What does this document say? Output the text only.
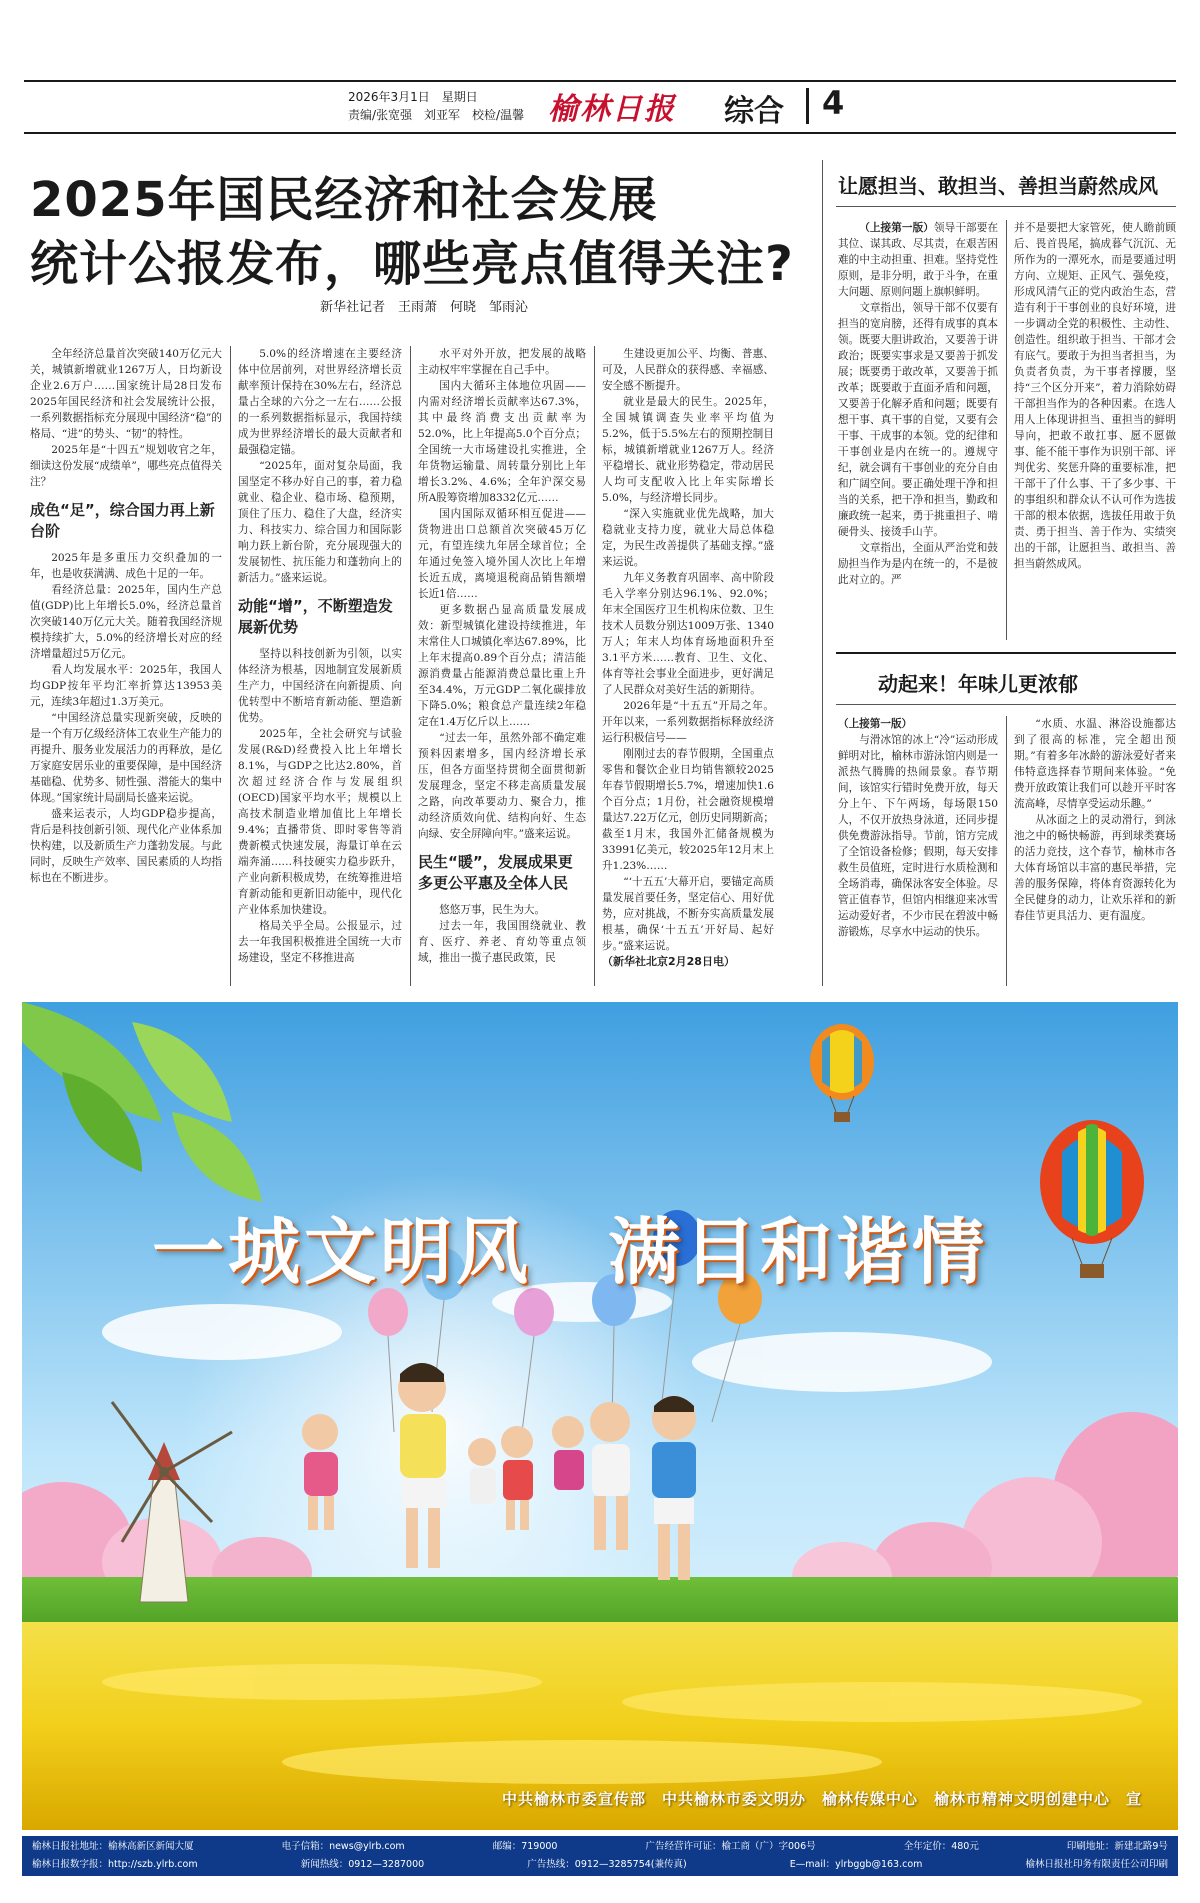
2026年3月1日　星期日
责编/张宽强　刘亚军　校检/温馨 榆林日报 综合 4
2025年国民经济和社会发展
统计公报发布，哪些亮点值得关注?
新华社记者　王雨萧　何晓　邹雨沁

全年经济总量首次突破140万亿元大关，城镇新增就业1267万人，日均新设企业2.6万户……国家统计局28日发布2025年国民经济和社会发展统计公报，一系列数据指标充分展现中国经济“稳”的格局、“进”的势头、“韧”的特性。

2025年是“十四五”规划收官之年，细读这份发展“成绩单”，哪些亮点值得关注？

成色“足”，综合国力再上新台阶

2025年是多重压力交织叠加的一年，也是收获满满、成色十足的一年。

看经济总量：2025年，国内生产总值(GDP)比上年增长5.0%，经济总量首次突破140万亿元大关。随着我国经济规模持续扩大，5.0%的经济增长对应的经济增量超过5万亿元。

看人均发展水平：2025年，我国人均GDP按年平均汇率折算达13953美元，连续3年超过1.3万美元。

“中国经济总量实现新突破，反映的是一个有万亿级经济体工农业生产能力的再提升、服务业发展活力的再释放，是亿万家庭安居乐业的重要保障，是中国经济基础稳、优势多、韧性强、潜能大的集中体现。”国家统计局副局长盛来运说。

盛来运表示，人均GDP稳步提高，背后是科技创新引领、现代化产业体系加快构建，以及新质生产力蓬勃发展。与此同时，反映生产效率、国民素质的人均指标也在不断进步。

5.0%的经济增速在主要经济体中位居前列，对世界经济增长贡献率预计保持在30%左右，经济总量占全球的六分之一左右……公报的一系列数据指标显示，我国持续成为世界经济增长的最大贡献者和最强稳定锚。

“2025年，面对复杂局面，我国坚定不移办好自己的事，着力稳就业、稳企业、稳市场、稳预期，顶住了压力、稳住了大盘，经济实力、科技实力、综合国力和国际影响力跃上新台阶，充分展现强大的发展韧性、抗压能力和蓬勃向上的新活力。”盛来运说。

动能“增”，不断塑造发展新优势

坚持以科技创新为引领，以实体经济为根基，因地制宜发展新质生产力，中国经济在向新提质、向优转型中不断培育新动能、塑造新优势。

2025年，全社会研究与试验发展(R&D)经费投入比上年增长8.1%，与GDP之比达2.80%，首次超过经济合作与发展组织(OECD)国家平均水平；规模以上高技术制造业增加值比上年增长9.4%；直播带货、即时零售等消费新模式快速发展，海量订单在云端奔涌……科技硬实力稳步跃升，产业向新积极成势，在统筹推进培育新动能和更新旧动能中，现代化产业体系加快建设。

格局关乎全局。公报显示，过去一年我国积极推进全国统一大市场建设，坚定不移推进高

水平对外开放，把发展的战略主动权牢牢掌握在自己手中。

国内大循环主体地位巩固——内需对经济增长贡献率达67.3%，其中最终消费支出贡献率为52.0%，比上年提高5.0个百分点；全国统一大市场建设扎实推进，全年货物运输量、周转量分别比上年增长3.2%、4.6%；全年沪深交易所A股筹资增加8332亿元……

国内国际双循环相互促进——货物进出口总额首次突破45万亿元，有望连续九年居全球首位；全年通过免签入境外国人次比上年增长近五成，离境退税商品销售额增长近1倍……

更多数据凸显高质量发展成效：新型城镇化建设持续推进，年末常住人口城镇化率达67.89%，比上年末提高0.89个百分点；清洁能源消费量占能源消费总量比重上升至34.4%，万元GDP二氧化碳排放下降5.0%；粮食总产量连续2年稳定在1.4万亿斤以上……

“过去一年，虽然外部不确定难预料因素增多，国内经济增长承压，但各方面坚持贯彻全面贯彻新发展理念，坚定不移走高质量发展之路，向改革要动力、聚合力，推动经济质效向优、结构向好、生态向绿、安全屏障向牢。”盛来运说。

民生“暖”，发展成果更多更公平惠及全体人民

悠悠万事，民生为大。

过去一年，我国围绕就业、教育、医疗、养老、育幼等重点领域，推出一揽子惠民政策，民

生建设更加公平、均衡、普惠、可及，人民群众的获得感、幸福感、安全感不断提升。

就业是最大的民生。2025年，全国城镇调查失业率平均值为5.2%，低于5.5%左右的预期控制目标，城镇新增就业1267万人。经济平稳增长、就业形势稳定，带动居民人均可支配收入比上年实际增长5.0%，与经济增长同步。

“深入实施就业优先战略，加大稳就业支持力度，就业大局总体稳定，为民生改善提供了基础支撑。”盛来运说。

九年义务教育巩固率、高中阶段毛入学率分别达96.1%、92.0%；年末全国医疗卫生机构床位数、卫生技术人员数分别达1009万张、1340万人；年末人均体育场地面积升至3.1平方米……教育、卫生、文化、体育等社会事业全面进步，更好满足了人民群众对美好生活的新期待。

2026年是“十五五”开局之年。开年以来，一系列数据指标释放经济运行积极信号——

刚刚过去的春节假期，全国重点零售和餐饮企业日均销售额较2025年春节假期增长5.7%，增速加快1.6个百分点；1月份，社会融资规模增量达7.22万亿元，创历史同期新高；截至1月末，我国外汇储备规模为33991亿美元，较2025年12月末上升1.23%……

“‘十五五’大幕开启，要锚定高质量发展首要任务，坚定信心、用好优势，应对挑战，不断夯实高质量发展根基，确保‘十五五’开好局、起好步。”盛来运说。

（新华社北京2月28日电）

让愿担当、敢担当、善担当蔚然成风

（上接第一版）领导干部要在其位、谋其政、尽其责，在艰苦困难的中主动担重、担难。坚持党性原则，是非分明，敢于斗争，在重大问题、原则问题上旗帜鲜明。

文章指出，领导干部不仅要有担当的宽肩膀，还得有成事的真本领。既要大胆讲政治，又要善于讲政治；既要实事求是又要善于抓发展；既要勇于敢改革，又要善于抓改革；既要敢于直面矛盾和问题，又要善于化解矛盾和问题；既要有想干事、真干事的自觉，又要有会干事、干成事的本领。党的纪律和干事创业是内在统一的。遵规守纪，就会调有干事创业的充分自由和广阔空间。要正确处理干净和担当的关系，把干净和担当，勤政和廉政统一起来，勇于挑重担子、啃硬骨头、接烫手山芋。

文章指出，全面从严治党和鼓励担当作为是内在统一的，不是彼此对立的。严

并不是要把大家管死，使人瞻前顾后、畏首畏尾，搞成暮气沉沉、无所作为的一潭死水，而是要通过明方向、立规矩、正风气、强免疫，形成风清气正的党内政治生态，营造有利于干事创业的良好环境，进一步调动全党的积极性、主动性、创造性。组织敢于担当、干部才会有底气。要敢于为担当者担当，为负责者负责，为干事者撑腰，坚持“三个区分开来”，着力消除妨碍干部担当作为的各种因素。在选人用人上体现讲担当、重担当的鲜明导向，把敢不敢扛事、愿不愿做事、能不能干事作为识别干部、评判优劣、奖惩升降的重要标准，把干部干了什么事、干了多少事、干的事组织和群众认不认可作为选拔干部的根本依据，选拔任用敢于负责、勇于担当、善于作为、实绩突出的干部，让愿担当、敢担当、善担当蔚然成风。

动起来！年味儿更浓郁

（上接第一版）

与滑冰馆的冰上“冷”运动形成鲜明对比，榆林市游泳馆内则是一派热气腾腾的热闹景象。春节期间，该馆实行错时免费开放，每天分上午、下午两场，每场限150人，不仅开放热身泳道，还同步提供免费游泳指导。节前，馆方完成了全馆设备检修；假期，每天安排救生员值班，定时进行水质检测和全场消毒，确保泳客安全体验。尽管正值春节，但馆内相继迎来冰雪运动爱好者，不少市民在碧波中畅游锻炼，尽享水中运动的快乐。

“水质、水温、淋浴设施都达到了很高的标准，完全超出预期。”有着多年冰龄的游泳爱好者来伟特意选择春节期间来体验。“免费开放政策让我们可以趁开平时客流高峰，尽情享受运动乐趣。”

从冰面之上的灵动滑行，到泳池之中的畅快畅游，再到球类赛场的活力竞技，这个春节，榆林市各大体育场馆以丰富的惠民举措，完善的服务保障，将体育资源转化为全民健身的动力，让欢乐祥和的新春佳节更具活力、更有温度。

一城文明风　满目和谐情
中共榆林市委宣传部　中共榆林市委文明办　榆林传媒中心　榆林市精神文明创建中心　宣
榆林日报社地址：榆林高新区新闻大厦	电子信箱：news@ylrb.com	邮编：719000	广告经营许可证：榆工商（广）字006号	全年定价：480元	印刷地址：新建北路9号
榆林日报数字报：http://szb.ylrb.com	新闻热线：0912—3287000	广告热线：0912—3285754(兼传真)	E—mail：ylrbggb@163.com	榆林日报社印务有限责任公司印刷
